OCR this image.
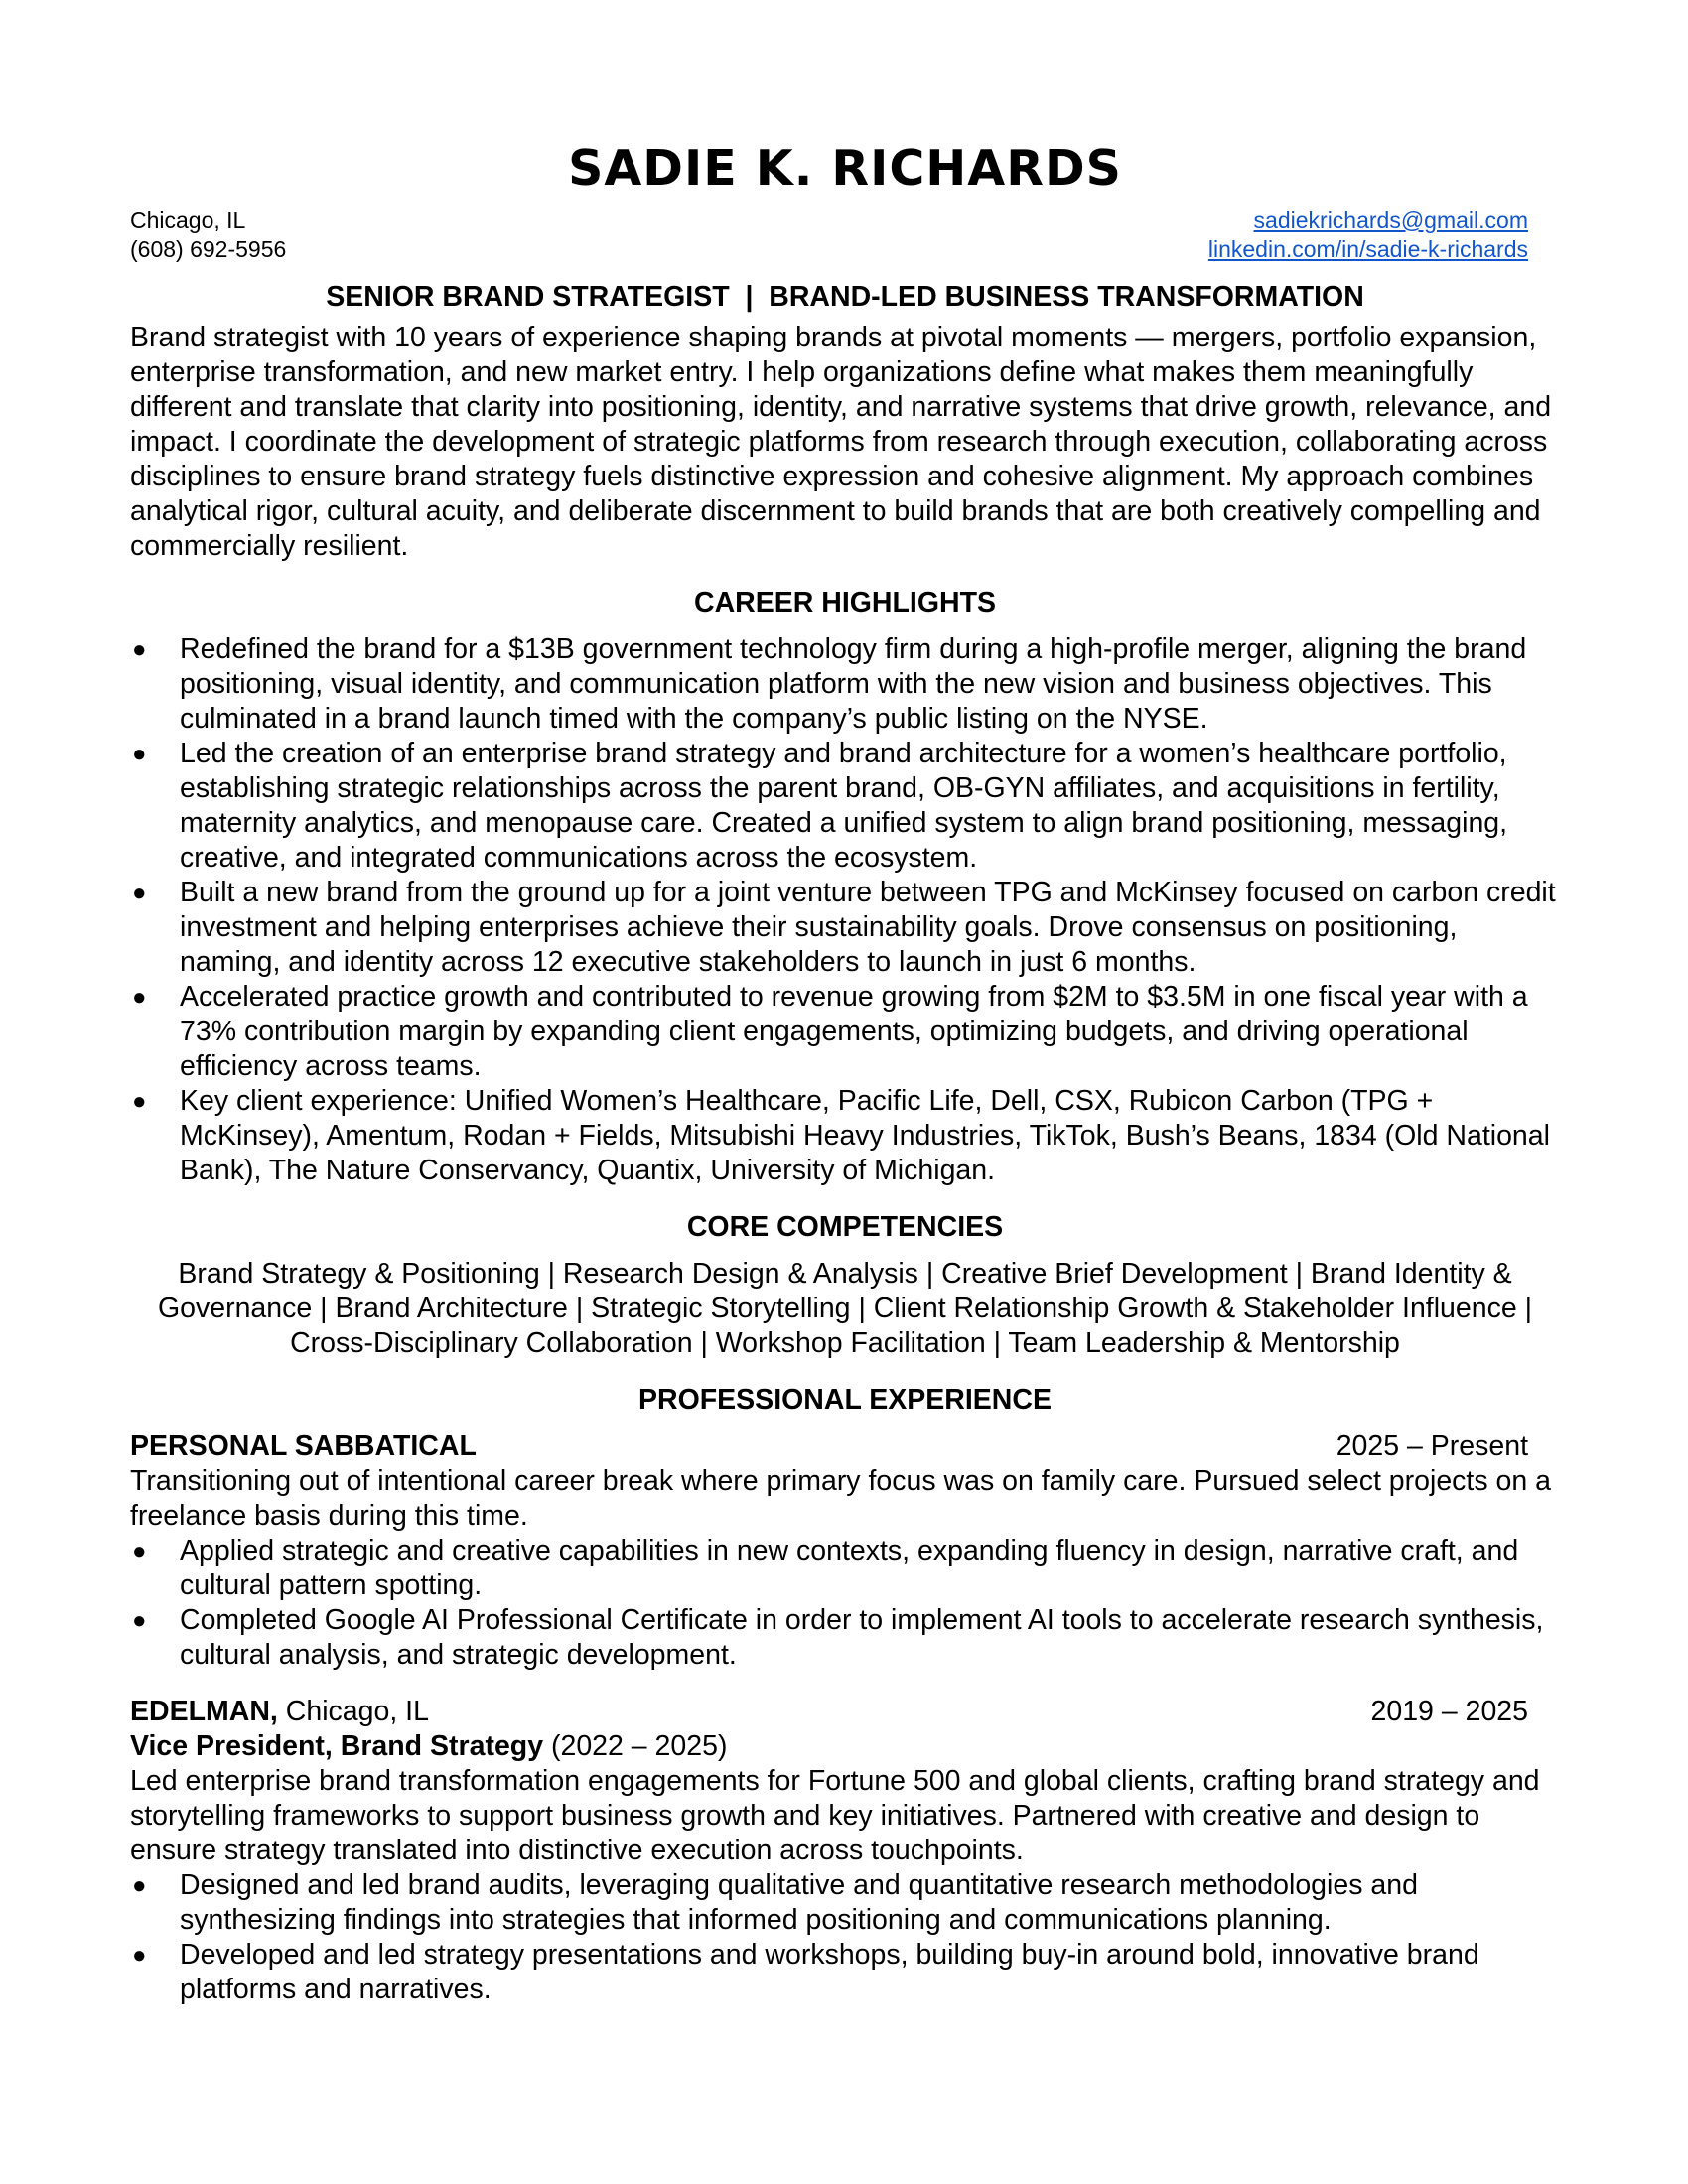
SADIE K. RICHARDS
Chicago, IL	sadiekrichards@gmail.com
(608) 692-5956	linkedin.com/in/sadie-k-richards
SENIOR BRAND STRATEGIST  |  BRAND-LED BUSINESS TRANSFORMATION

Brand strategist with 10 years of experience shaping brands at pivotal moments — mergers, portfolio expansion, enterprise transformation, and new market entry. I help organizations define what makes them meaningfully different and translate that clarity into positioning, identity, and narrative systems that drive growth, relevance, and impact. I coordinate the development of strategic platforms from research through execution, collaborating across disciplines to ensure brand strategy fuels distinctive expression and cohesive alignment. My approach combines analytical rigor, cultural acuity, and deliberate discernment to build brands that are both creatively compelling and commercially resilient.

CAREER HIGHLIGHTS
● Redefined the brand for a $13B government technology firm during a high-profile merger, aligning the brand positioning, visual identity, and communication platform with the new vision and business objectives. This culminated in a brand launch timed with the company’s public listing on the NYSE.
● Led the creation of an enterprise brand strategy and brand architecture for a women’s healthcare portfolio, establishing strategic relationships across the parent brand, OB-GYN affiliates, and acquisitions in fertility, maternity analytics, and menopause care. Created a unified system to align brand positioning, messaging, creative, and integrated communications across the ecosystem.
● Built a new brand from the ground up for a joint venture between TPG and McKinsey focused on carbon credit investment and helping enterprises achieve their sustainability goals. Drove consensus on positioning, naming, and identity across 12 executive stakeholders to launch in just 6 months.
● Accelerated practice growth and contributed to revenue growing from $2M to $3.5M in one fiscal year with a 73% contribution margin by expanding client engagements, optimizing budgets, and driving operational efficiency across teams.
● Key client experience: Unified Women’s Healthcare, Pacific Life, Dell, CSX, Rubicon Carbon (TPG + McKinsey), Amentum, Rodan + Fields, Mitsubishi Heavy Industries, TikTok, Bush’s Beans, 1834 (Old National Bank), The Nature Conservancy, Quantix, University of Michigan.
CORE COMPETENCIES

Brand Strategy & Positioning | Research Design & Analysis | Creative Brief Development | Brand Identity & Governance | Brand Architecture | Strategic Storytelling | Client Relationship Growth & Stakeholder Influence | Cross-Disciplinary Collaboration | Workshop Facilitation | Team Leadership & Mentorship

PROFESSIONAL EXPERIENCE
PERSONAL SABBATICAL	2025 – Present

Transitioning out of intentional career break where primary focus was on family care. Pursued select projects on a freelance basis during this time.

● Applied strategic and creative capabilities in new contexts, expanding fluency in design, narrative craft, and cultural pattern spotting.
● Completed Google AI Professional Certificate in order to implement AI tools to accelerate research synthesis, cultural analysis, and strategic development.
EDELMAN, Chicago, IL	2019 – 2025
Vice President, Brand Strategy (2022 – 2025)

Led enterprise brand transformation engagements for Fortune 500 and global clients, crafting brand strategy and storytelling frameworks to support business growth and key initiatives. Partnered with creative and design to ensure strategy translated into distinctive execution across touchpoints.

● Designed and led brand audits, leveraging qualitative and quantitative research methodologies and synthesizing findings into strategies that informed positioning and communications planning.
● Developed and led strategy presentations and workshops, building buy-in around bold, innovative brand platforms and narratives.
